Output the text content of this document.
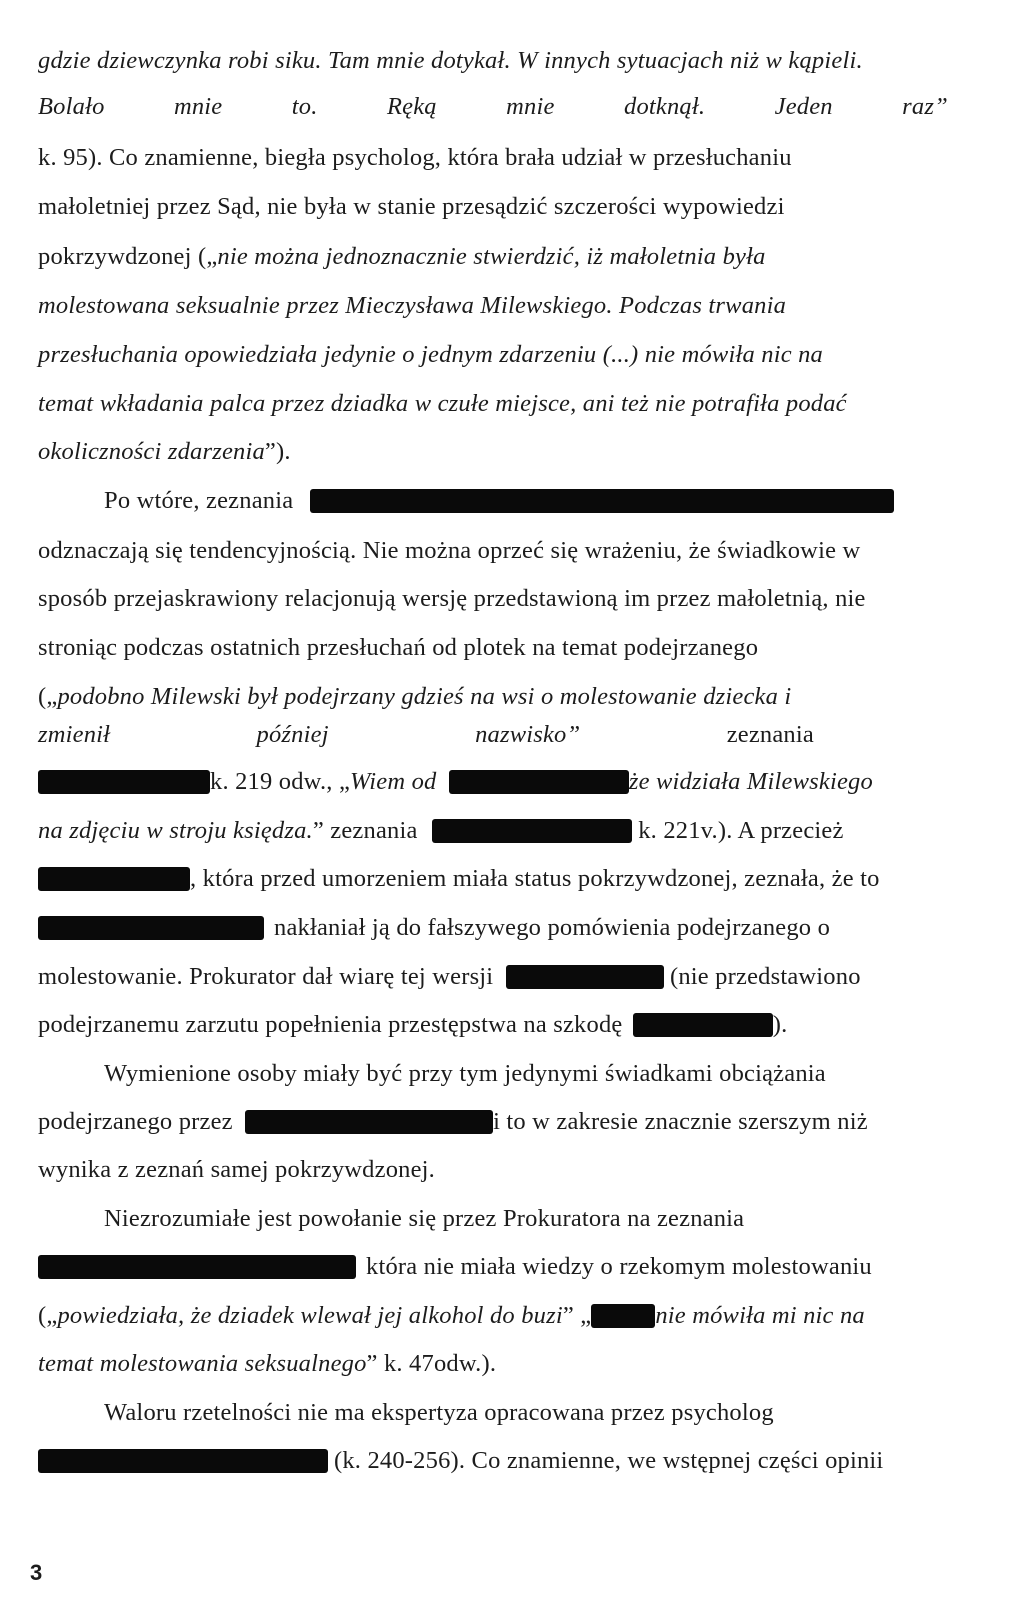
gdzie dziewczynka robi siku. Tam mnie dotykał. W innych sytuacjach niż w kąpieli.
Bolało	mnie	to.	Ręką	mnie	dotknął.	Jeden	raz”
k. 95). Co znamienne, biegła psycholog, która brała udział w przesłuchaniu
małoletniej przez Sąd, nie była w stanie przesądzić szczerości wypowiedzi
pokrzywdzonej („nie można jednoznacznie stwierdzić, iż małoletnia była
molestowana seksualnie przez Mieczysława Milewskiego. Podczas trwania
przesłuchania opowiedziała jedynie o jednym zdarzeniu (...) nie mówiła nic na
temat wkładania palca przez dziadka w czułe miejsce, ani też nie potrafiła podać
okoliczności zdarzenia”).
Po wtóre, zeznania
odznaczają się tendencyjnością. Nie można oprzeć się wrażeniu, że świadkowie w
sposób przejaskrawiony relacjonują wersję przedstawioną im przez małoletnią, nie
stroniąc podczas ostatnich przesłuchań od plotek na temat podejrzanego
(„podobno Milewski był podejrzany gdzieś na wsi o molestowanie dziecka i
zmienił	później	nazwisko”	zeznania
k. 219 odw., „Wiem od	że widziała Milewskiego
na zdjęciu w stroju księdza.” zeznania	k. 221v.). A przecież
, która przed umorzeniem miała status pokrzywdzonej, zeznała, że to
nakłaniał ją do fałszywego pomówienia podejrzanego o
molestowanie. Prokurator dał wiarę tej wersji	(nie przedstawiono
podejrzanemu zarzutu popełnienia przestępstwa na szkodę	).
Wymienione osoby miały być przy tym jedynymi świadkami obciążania
podejrzanego przez	i to w zakresie znacznie szerszym niż
wynika z zeznań samej pokrzywdzonej.
Niezrozumiałe jest powołanie się przez Prokuratora na zeznania
która nie miała wiedzy o rzekomym molestowaniu
(„powiedziała, że dziadek wlewał jej alkohol do buzi” „	nie mówiła mi nic na
temat molestowania seksualnego” k. 47odw.).
Waloru rzetelności nie ma ekspertyza opracowana przez psycholog
(k. 240-256). Co znamienne, we wstępnej części opinii
3
